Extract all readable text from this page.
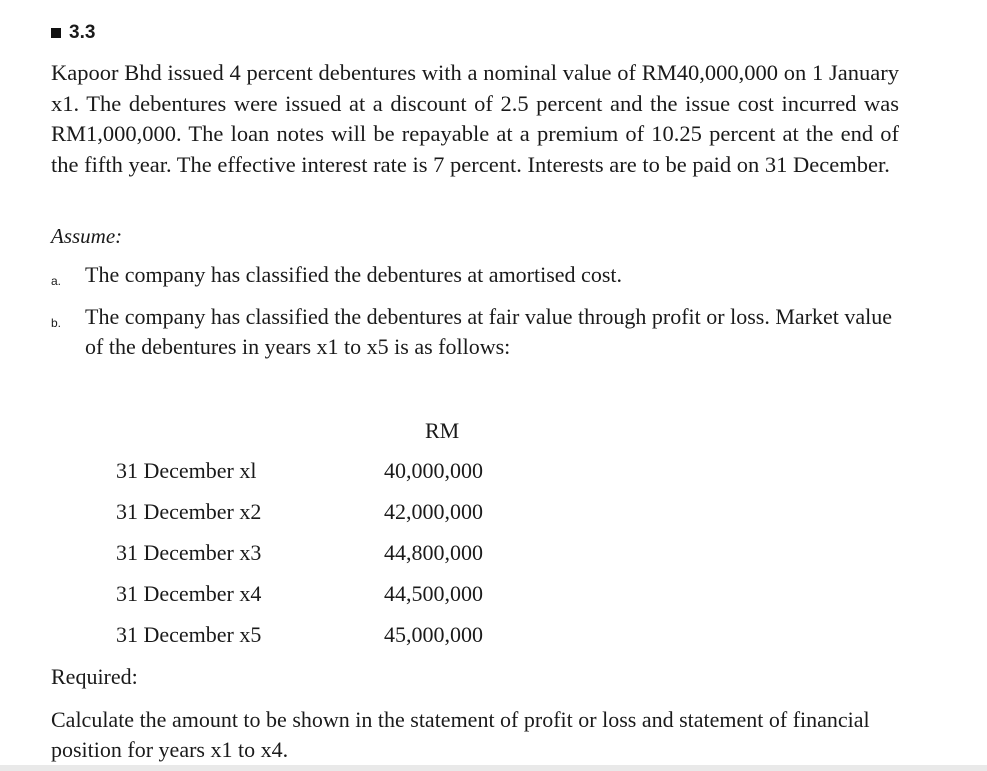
3.3
Kapoor Bhd issued 4 percent debentures with a nominal value of RM40,000,000 on 1 January x1. The debentures were issued at a discount of 2.5 percent and the issue cost incurred was RM1,000,000. The loan notes will be repayable at a premium of 10.25 percent at the end of the fifth year. The effective interest rate is 7 percent. Interests are to be paid on 31 December.
Assume:
a. The company has classified the debentures at amortised cost.
b. The company has classified the debentures at fair value through profit or loss. Market value of the debentures in years x1 to x5 is as follows:
RM
31 December xl	40,000,000
31 December x2	42,000,000
31 December x3	44,800,000
31 December x4	44,500,000
31 December x5	45,000,000
Required:
Calculate the amount to be shown in the statement of profit or loss and statement of financial position for years x1 to x4.
